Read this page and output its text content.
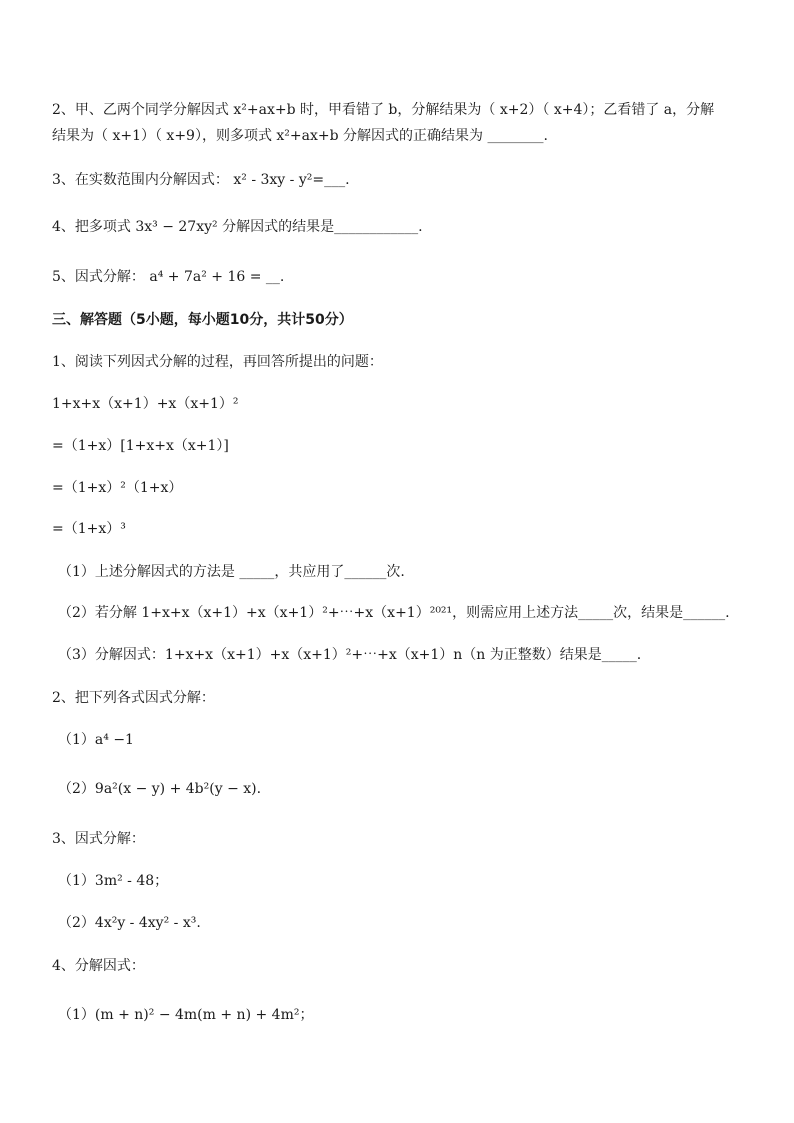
2、甲、乙两个同学分解因式 x²+ax+b 时，甲看错了 b，分解结果为（ x+2）（ x+4）；乙看错了 a，分解
结果为（ x+1）（ x+9），则多项式 x²+ax+b 分解因式的正确结果为 ________.
3、在实数范围内分解因式： x² - 3xy - y²=___.
4、把多项式 3x³ − 27xy² 分解因式的结果是____________.
5、因式分解： a⁴ + 7a² + 16 = __.
三、解答题（5小题，每小题10分，共计50分）
1、阅读下列因式分解的过程，再回答所提出的问题：
1+x+x（x+1）+x（x+1）²
=（1+x）[1+x+x（x+1）]
=（1+x）²（1+x）
=（1+x）³
（1）上述分解因式的方法是 _____，共应用了______次.
（2）若分解 1+x+x（x+1）+x（x+1）²+⋯+x（x+1）²⁰²¹，则需应用上述方法_____次，结果是______.
（3）分解因式：1+x+x（x+1）+x（x+1）²+⋯+x（x+1）n（n 为正整数）结果是_____.
2、把下列各式因式分解：
（1）a⁴ −1
（2）9a²(x − y) + 4b²(y − x).
3、因式分解：
（1）3m² - 48；
（2）4x²y - 4xy² - x³.
4、分解因式：
（1）(m + n)² − 4m(m + n) + 4m²；
